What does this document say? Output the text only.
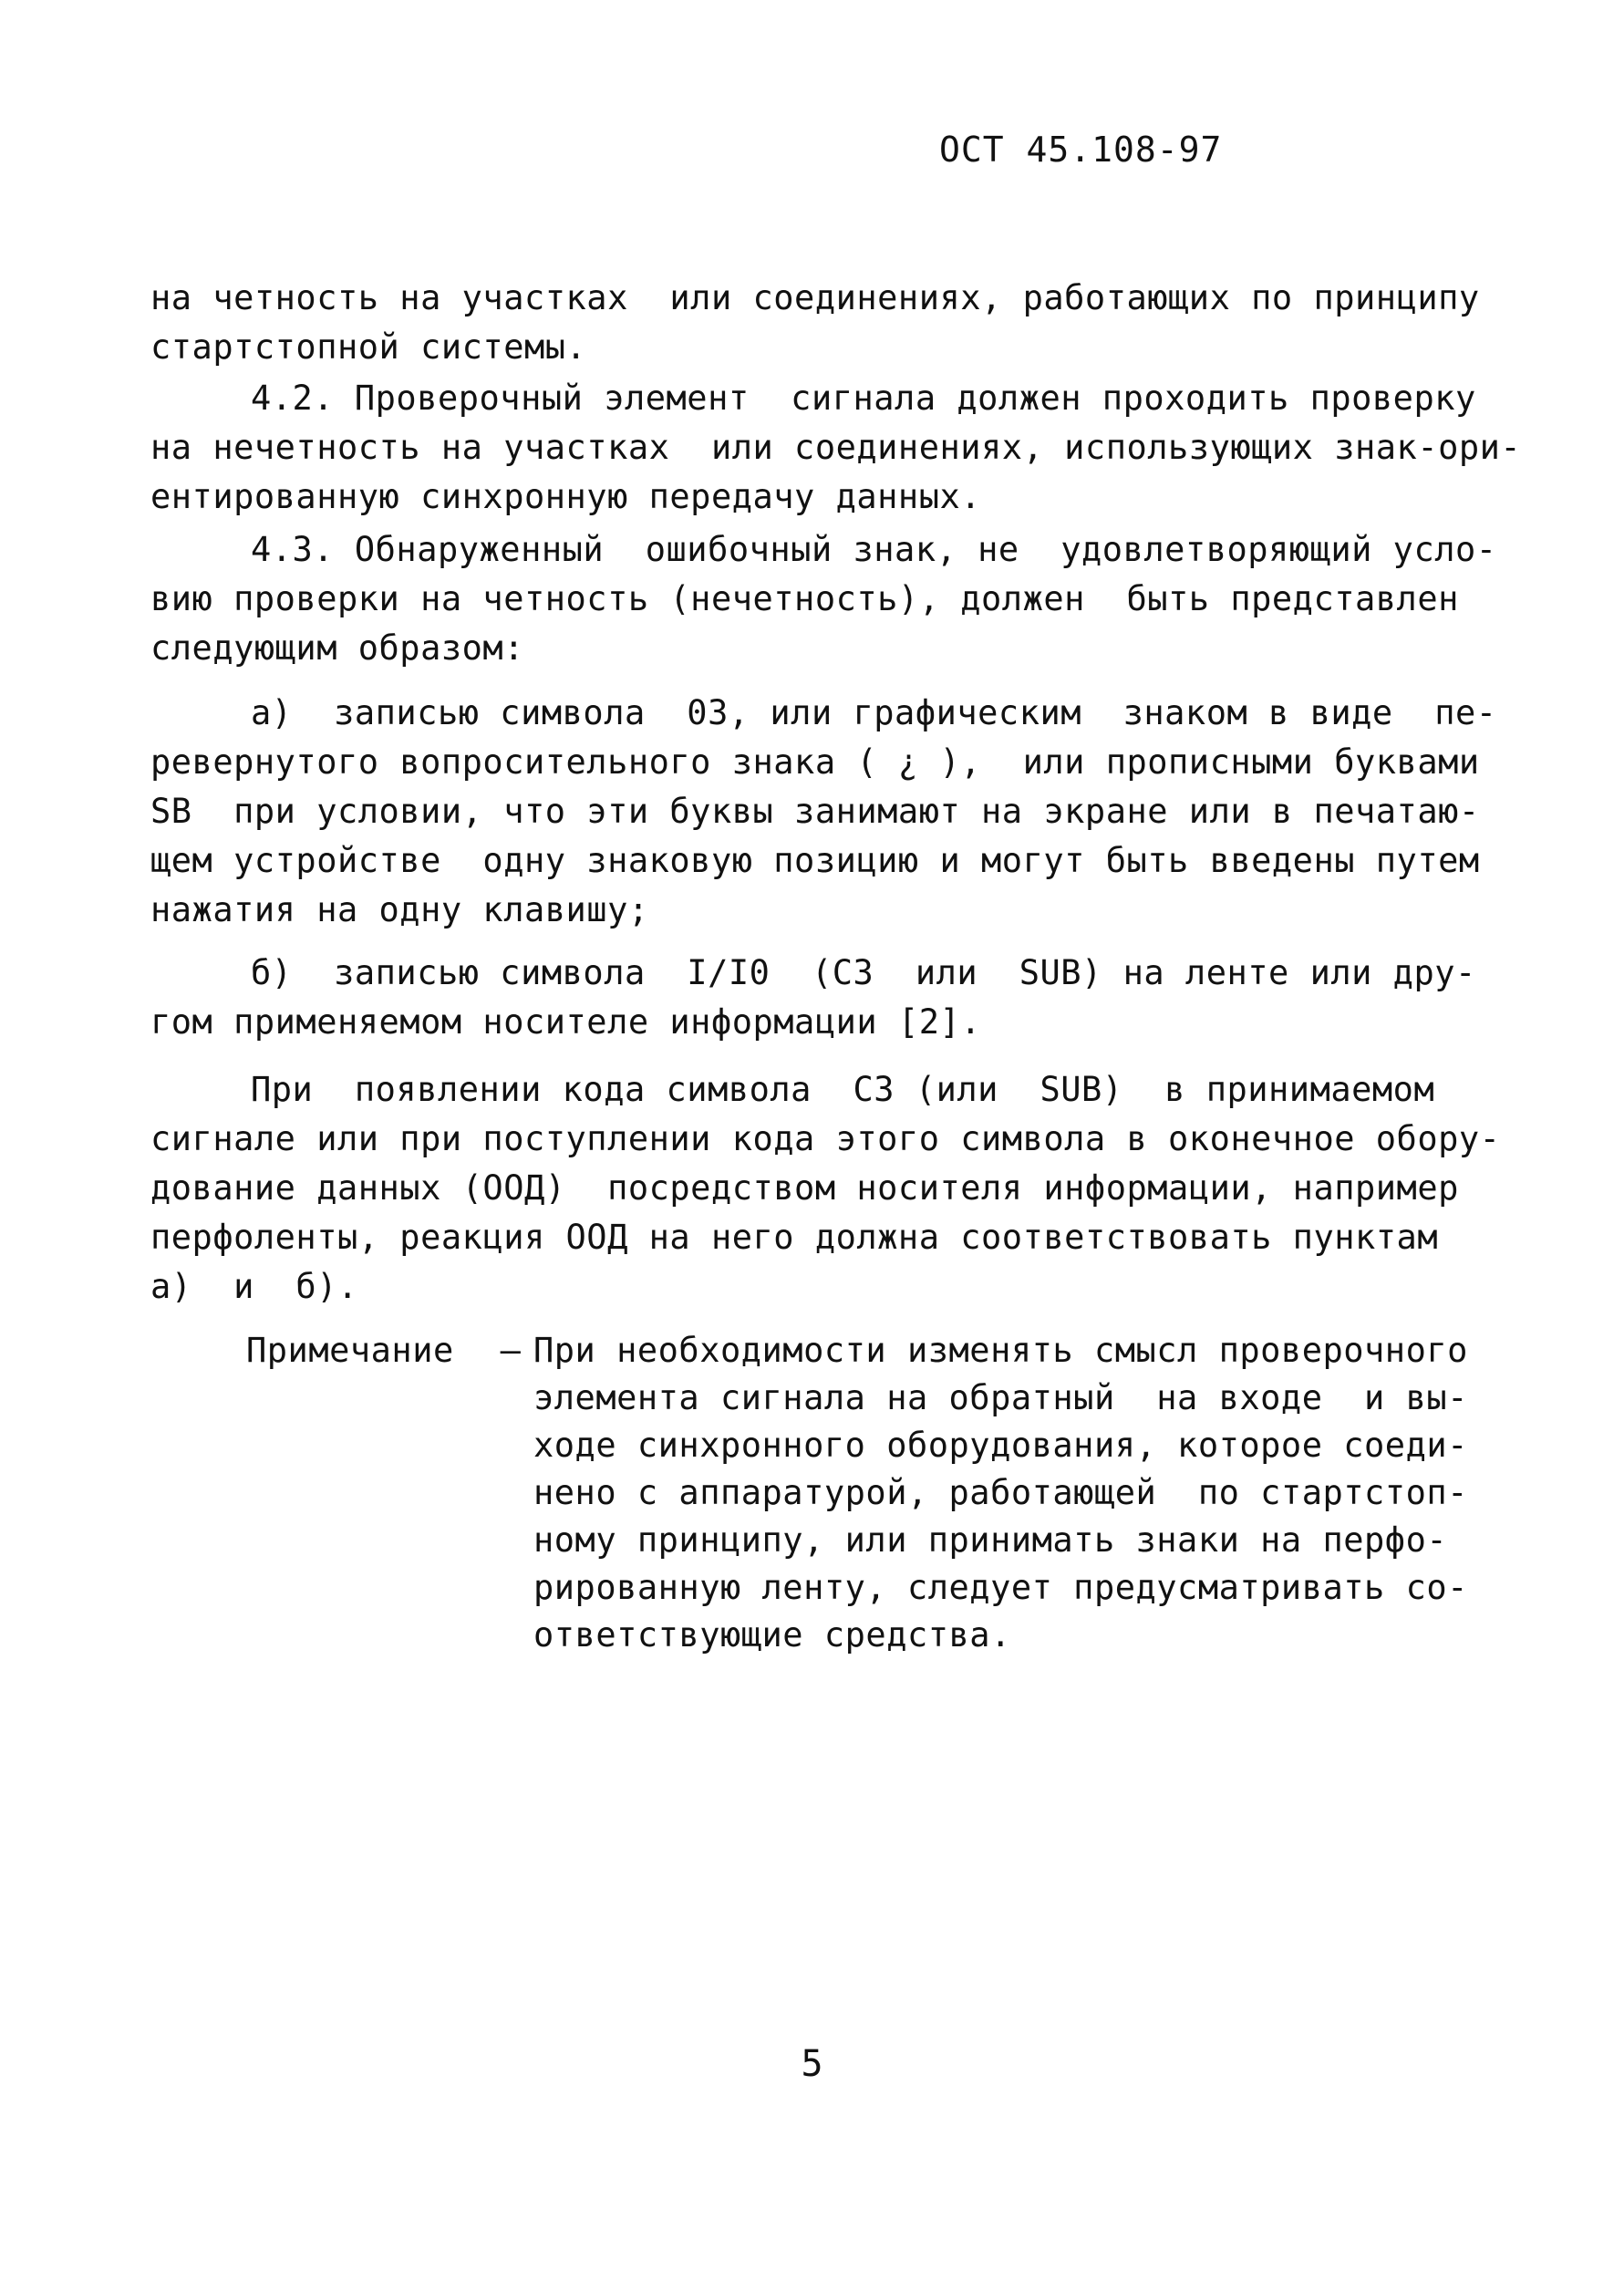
ОСТ 45.108-97
на четность на участках  или соединениях, работающих по принципу
стартстопной системы.
4.2. Проверочный элемент  сигнала должен проходить проверку
на нечетность на участках  или соединениях, использующих знак-ори-
ентированную синхронную передачу данных.
4.3. Обнаруженный  ошибочный знак, не  удовлетворяющий усло-
вию проверки на четность (нечетность), должен  быть представлен
следующим образом:
а)  записью символа  03, или графическим  знаком в виде  пе-
ревернутого вопросительного знака ( ¿ ),  или прописными буквами
SB  при условии, что эти буквы занимают на экране или в печатаю-
щем устройстве  одну знаковую позицию и могут быть введены путем
нажатия на одну клавишу;
б)  записью символа  I/I0  (С3  или  SUB) на ленте или дру-
гом применяемом носителе информации [2].
При  появлении кода символа  С3 (или  SUB)  в принимаемом
сигнале или при поступлении кода этого символа в оконечное обору-
дование данных (ООД)  посредством носителя информации, например
перфоленты, реакция ООД на него должна соответствовать пунктам
а)  и  б).
Примечание	– При необходимости изменять смысл проверочного
элемента сигнала на обратный  на входе  и вы-
ходе синхронного оборудования, которое соеди-
нено с аппаратурой, работающей  по стартстоп-
ному принципу, или принимать знаки на перфо-
рированную ленту, следует предусматривать со-
ответствующие средства.
5
